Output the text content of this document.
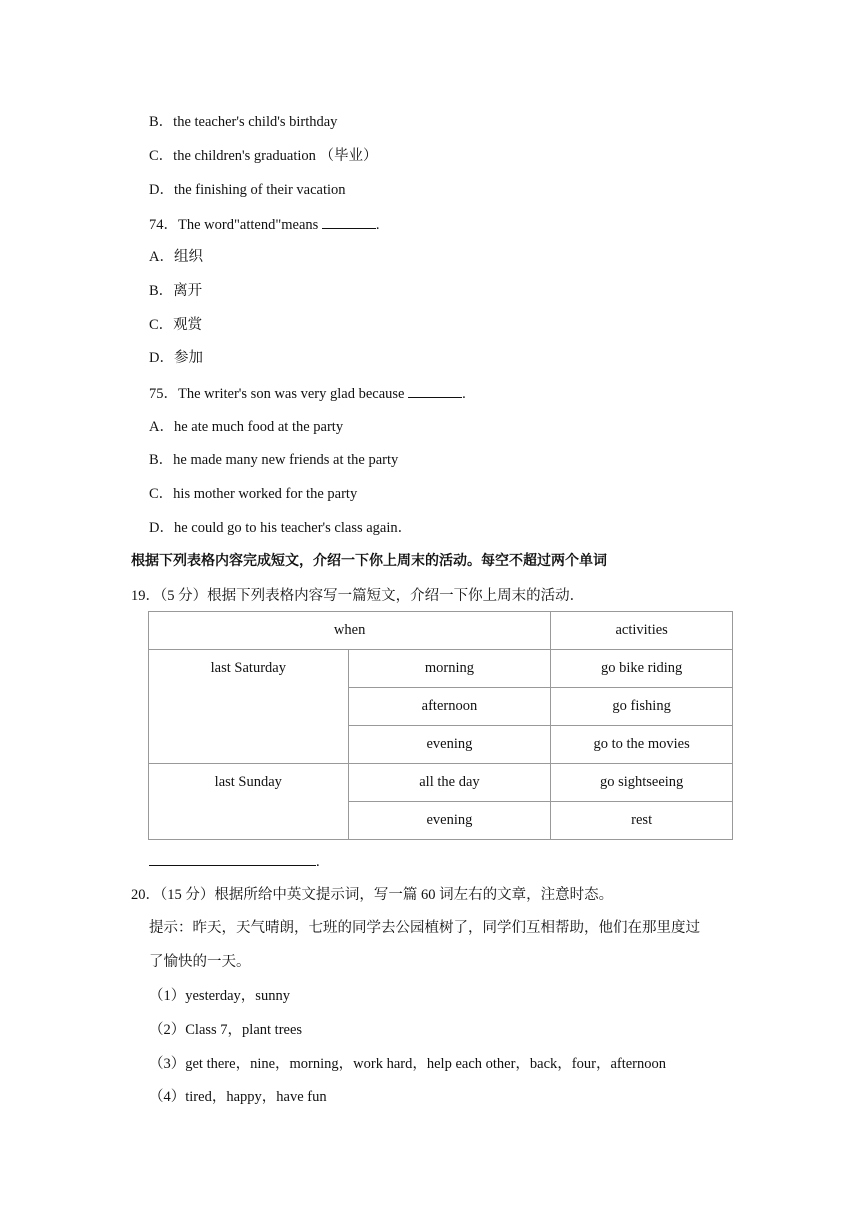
B．the teacher's child's birthday
C．the children's graduation （毕业）
D．the finishing of their vacation
74．The word"attend"means	.
A．组织
B．离开
C．观赏
D．参加
75．The writer's son was very glad because	.
A．he ate much food at the party
B．he made many new friends at the party
C．his mother worked for the party
D．he could go to his teacher's class again．
根据下列表格内容完成短文，介绍一下你上周末的活动。每空不超过两个单词
19．（5 分）根据下列表格内容写一篇短文，介绍一下你上周末的活动．
when		activities
last Saturday	morning	go bike riding
	afternoon	go fishing
	evening	go to the movies
last Sunday	all the day	go sightseeing
	evening	rest
.
20．（15 分）根据所给中英文提示词，写一篇 60 词左右的文章，注意时态。
提示：昨天，天气晴朗，七班的同学去公园植树了，同学们互相帮助，他们在那里度过
了愉快的一天。
（1）yesterday，sunny
（2）Class 7，plant trees
（3）get there，nine，morning，work hard，help each other，back，four，afternoon
（4）tired，happy，have fun
